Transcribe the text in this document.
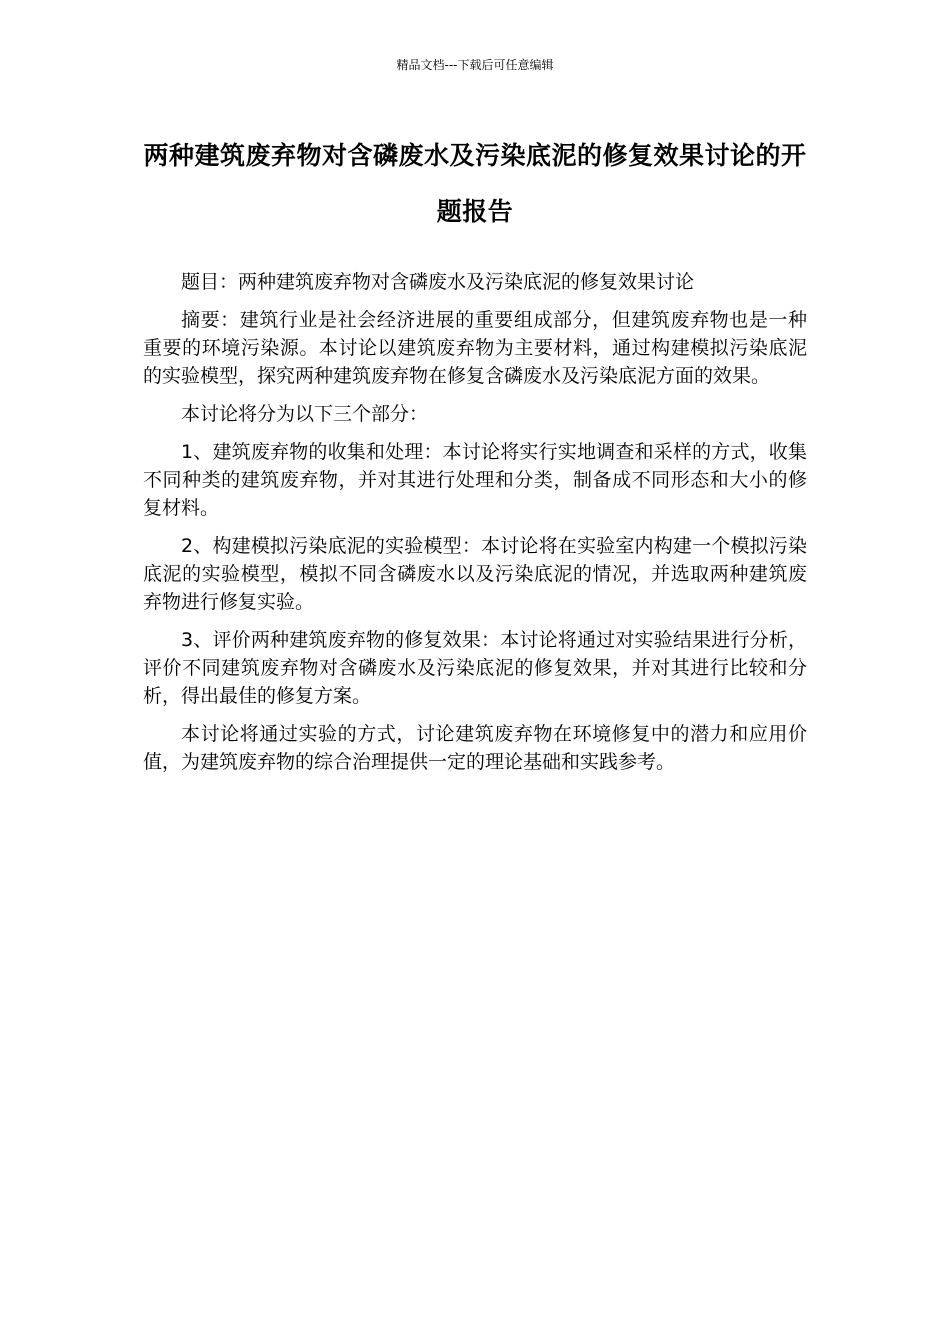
精品文档---下载后可任意编辑
两种建筑废弃物对含磷废水及污染底泥的修复效果讨论的开题报告

题目：两种建筑废弃物对含磷废水及污染底泥的修复效果讨论

摘要：建筑行业是社会经济进展的重要组成部分，但建筑废弃物也是一种重要的环境污染源。本讨论以建筑废弃物为主要材料，通过构建模拟污染底泥的实验模型，探究两种建筑废弃物在修复含磷废水及污染底泥方面的效果。

本讨论将分为以下三个部分：

1、建筑废弃物的收集和处理：本讨论将实行实地调查和采样的方式，收集不同种类的建筑废弃物，并对其进行处理和分类，制备成不同形态和大小的修复材料。

2、构建模拟污染底泥的实验模型：本讨论将在实验室内构建一个模拟污染底泥的实验模型，模拟不同含磷废水以及污染底泥的情况，并选取两种建筑废弃物进行修复实验。

3、评价两种建筑废弃物的修复效果：本讨论将通过对实验结果进行分析，评价不同建筑废弃物对含磷废水及污染底泥的修复效果，并对其进行比较和分析，得出最佳的修复方案。

本讨论将通过实验的方式，讨论建筑废弃物在环境修复中的潜力和应用价值，为建筑废弃物的综合治理提供一定的理论基础和实践参考。
